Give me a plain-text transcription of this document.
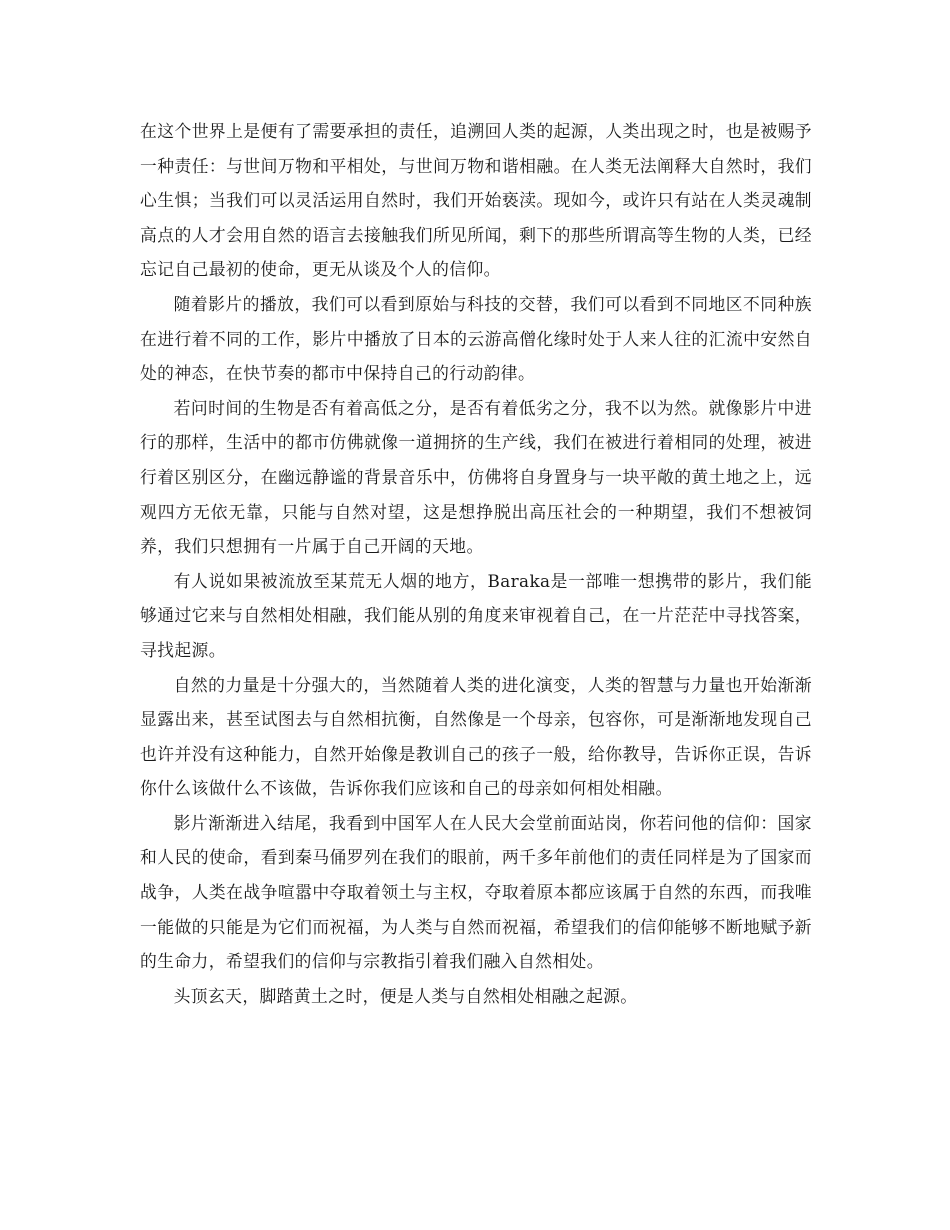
在这个世界上是便有了需要承担的责任，追溯回人类的起源，人类出现之时，也是被赐予一种责任：与世间万物和平相处，与世间万物和谐相融。在人类无法阐释大自然时，我们心生惧；当我们可以灵活运用自然时，我们开始亵渎。现如今，或许只有站在人类灵魂制高点的人才会用自然的语言去接触我们所见所闻，剩下的那些所谓高等生物的人类，已经忘记自己最初的使命，更无从谈及个人的信仰。

随着影片的播放，我们可以看到原始与科技的交替，我们可以看到不同地区不同种族在进行着不同的工作，影片中播放了日本的云游高僧化缘时处于人来人往的汇流中安然自处的神态，在快节奏的都市中保持自己的行动韵律。

若问时间的生物是否有着高低之分，是否有着低劣之分，我不以为然。就像影片中进行的那样，生活中的都市仿佛就像一道拥挤的生产线，我们在被进行着相同的处理，被进行着区别区分，在幽远静谧的背景音乐中，仿佛将自身置身与一块平敞的黄土地之上，远观四方无依无靠，只能与自然对望，这是想挣脱出高压社会的一种期望，我们不想被饲养，我们只想拥有一片属于自己开阔的天地。

有人说如果被流放至某荒无人烟的地方，Baraka是一部唯一想携带的影片，我们能够通过它来与自然相处相融，我们能从别的角度来审视着自己，在一片茫茫中寻找答案，寻找起源。

自然的力量是十分强大的，当然随着人类的进化演变，人类的智慧与力量也开始渐渐显露出来，甚至试图去与自然相抗衡，自然像是一个母亲，包容你，可是渐渐地发现自己也许并没有这种能力，自然开始像是教训自己的孩子一般，给你教导，告诉你正误，告诉你什么该做什么不该做，告诉你我们应该和自己的母亲如何相处相融。

影片渐渐进入结尾，我看到中国军人在人民大会堂前面站岗，你若问他的信仰：国家和人民的使命，看到秦马俑罗列在我们的眼前，两千多年前他们的责任同样是为了国家而战争，人类在战争喧嚣中夺取着领土与主权，夺取着原本都应该属于自然的东西，而我唯一能做的只能是为它们而祝福，为人类与自然而祝福，希望我们的信仰能够不断地赋予新的生命力，希望我们的信仰与宗教指引着我们融入自然相处。

头顶玄天，脚踏黄土之时，便是人类与自然相处相融之起源。
